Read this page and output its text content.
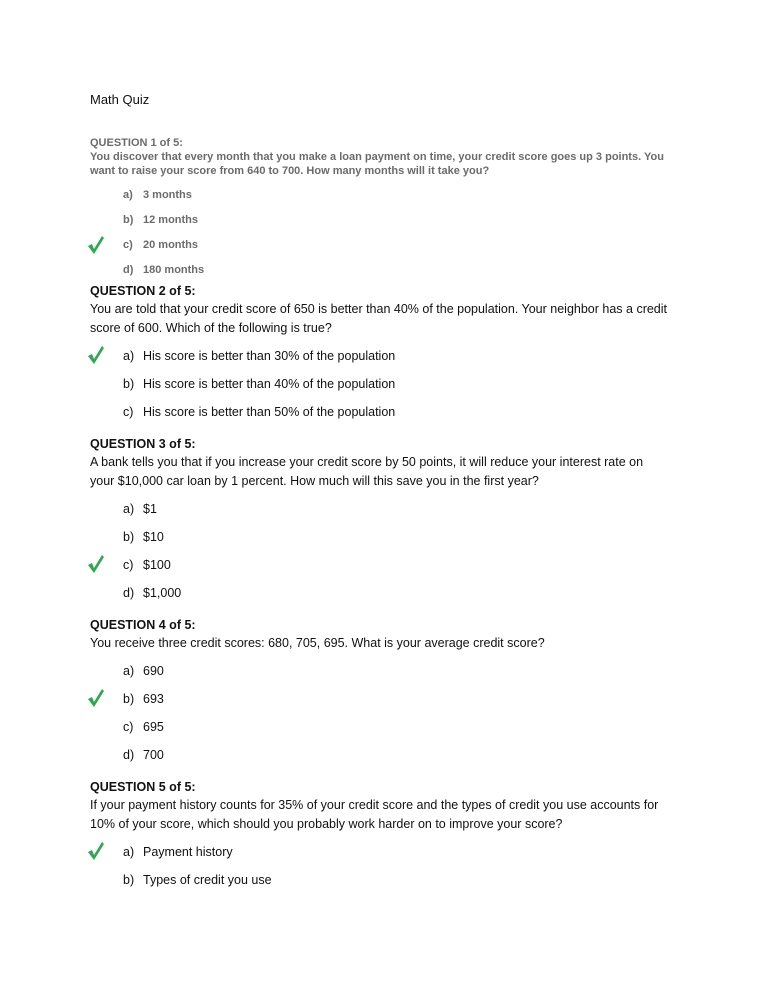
Math Quiz
QUESTION 1 of 5:
You discover that every month that you make a loan payment on time, your credit score goes up 3 points. You want to raise your score from 640 to 700. How many months will it take you?
a) 3 months
b) 12 months
c) 20 months
d) 180 months
QUESTION 2 of 5:
You are told that your credit score of 650 is better than 40% of the population. Your neighbor has a credit score of 600. Which of the following is true?
a) His score is better than 30% of the population
b) His score is better than 40% of the population
c) His score is better than 50% of the population
QUESTION 3 of 5:
A bank tells you that if you increase your credit score by 50 points, it will reduce your interest rate on your $10,000 car loan by 1 percent. How much will this save you in the first year?
a) $1
b) $10
c) $100
d) $1,000
QUESTION 4 of 5:
You receive three credit scores: 680, 705, 695. What is your average credit score?
a) 690
b) 693
c) 695
d) 700
QUESTION 5 of 5:
If your payment history counts for 35% of your credit score and the types of credit you use accounts for 10% of your score, which should you probably work harder on to improve your score?
a) Payment history
b) Types of credit you use
